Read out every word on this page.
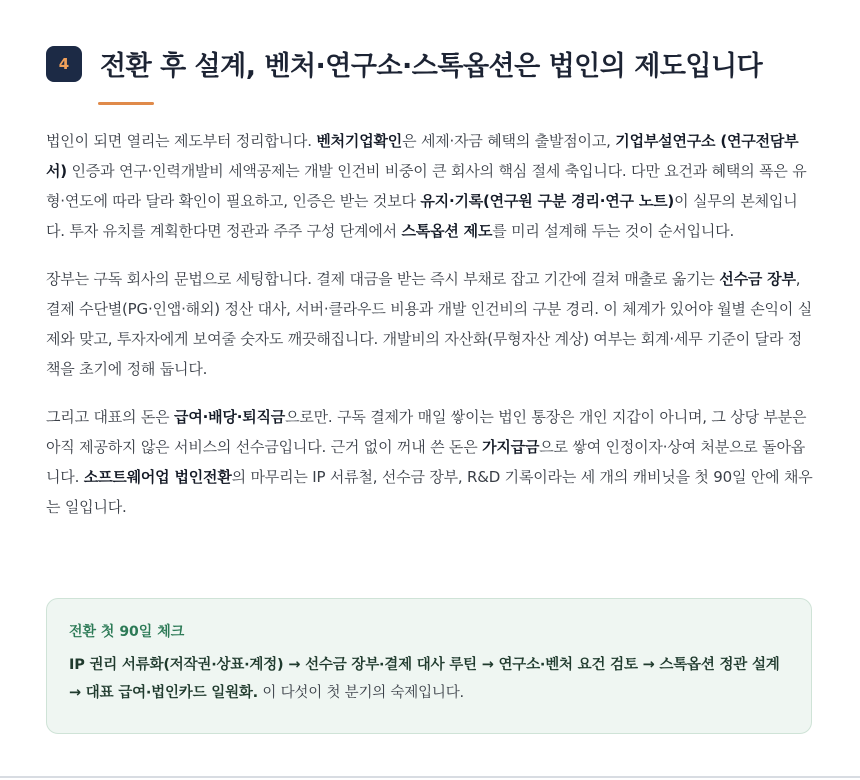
4	전환 후 설계, 벤처·연구소·스톡옵션은 법인의 제도입니다

법인이 되면 열리는 제도부터 정리합니다. 벤처기업확인은 세제·자금 혜택의 출발점이고, 기업부설연구소 (연구전담부서) 인증과 연구·인력개발비 세액공제는 개발 인건비 비중이 큰 회사의 핵심 절세 축입니다. 다만 요건과 혜택의 폭은 유형·연도에 따라 달라 확인이 필요하고, 인증은 받는 것보다 유지·기록(연구원 구분 경리·연구 노트)이 실무의 본체입니다. 투자 유치를 계획한다면 정관과 주주 구성 단계에서 스톡옵션 제도를 미리 설계해 두는 것이 순서입니다.

장부는 구독 회사의 문법으로 세팅합니다. 결제 대금을 받는 즉시 부채로 잡고 기간에 걸쳐 매출로 옮기는 선수금 장부, 결제 수단별(PG·인앱·해외) 정산 대사, 서버·클라우드 비용과 개발 인건비의 구분 경리. 이 체계가 있어야 월별 손익이 실제와 맞고, 투자자에게 보여줄 숫자도 깨끗해집니다. 개발비의 자산화(무형자산 계상) 여부는 회계·세무 기준이 달라 정책을 초기에 정해 둡니다.

그리고 대표의 돈은 급여·배당·퇴직금으로만. 구독 결제가 매일 쌓이는 법인 통장은 개인 지갑이 아니며, 그 상당 부분은 아직 제공하지 않은 서비스의 선수금입니다. 근거 없이 꺼내 쓴 돈은 가지급금으로 쌓여 인정이자·상여 처분으로 돌아옵니다. 소프트웨어업 법인전환의 마무리는 IP 서류철, 선수금 장부, R&D 기록이라는 세 개의 캐비닛을 첫 90일 안에 채우는 일입니다.

전환 첫 90일 체크
IP 권리 서류화(저작권·상표·계정) → 선수금 장부·결제 대사 루틴 → 연구소·벤처 요건 검토 → 스톡옵션 정관 설계 → 대표 급여·법인카드 일원화. 이 다섯이 첫 분기의 숙제입니다.
